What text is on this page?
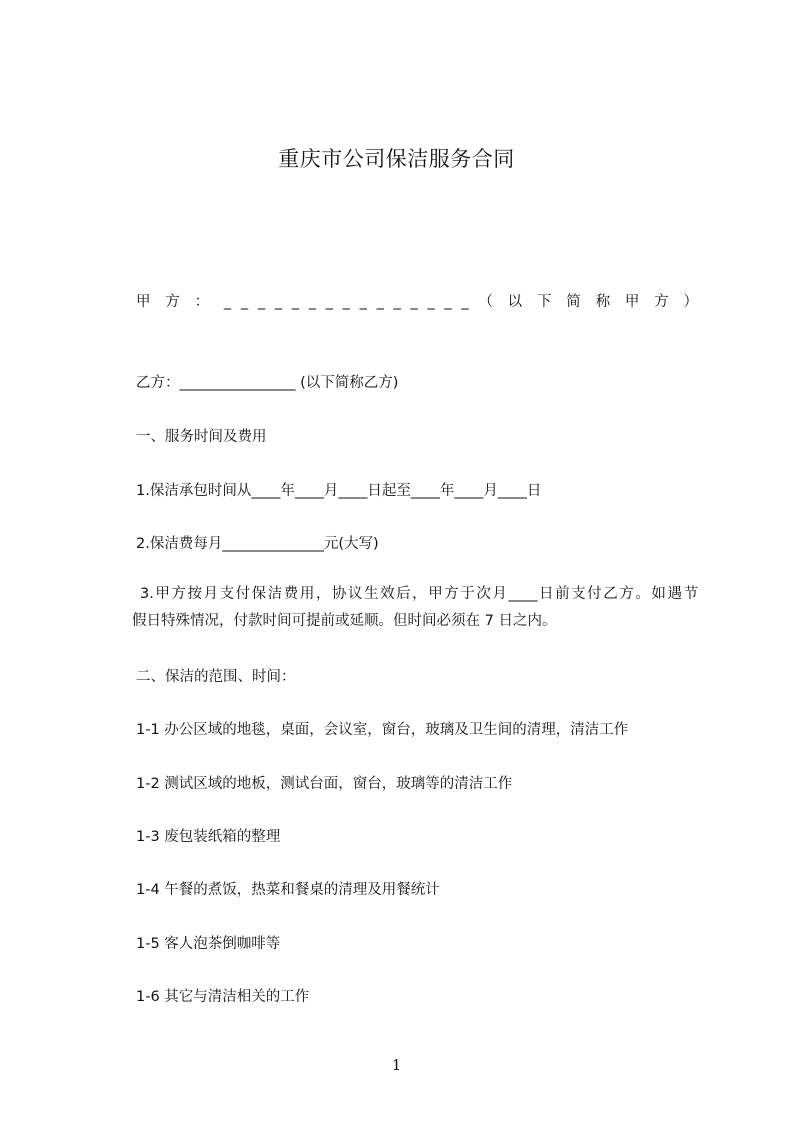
重庆市公司保洁服务合同
甲 方 ： _ _ _ _ _ _ _ _ _ _ _ _ _ _ _ （ 以 下 简 称 甲 方 ）
乙方：________________ (以下简称乙方)
一、服务时间及费用
1.保洁承包时间从____年____月____日起至____年____月____日
2.保洁费每月______________元(大写)
3.甲方按月支付保洁费用，协议生效后，甲方于次月____日前支付乙方。如遇节
假日特殊情况，付款时间可提前或延顺。但时间必须在 7 日之内。
二、保洁的范围、时间：
1-1 办公区域的地毯，桌面，会议室，窗台，玻璃及卫生间的清理，清洁工作
1-2 测试区域的地板，测试台面，窗台，玻璃等的清洁工作
1-3 废包装纸箱的整理
1-4 午餐的煮饭，热菜和餐桌的清理及用餐统计
1-5 客人泡茶倒咖啡等
1-6 其它与清洁相关的工作
1
